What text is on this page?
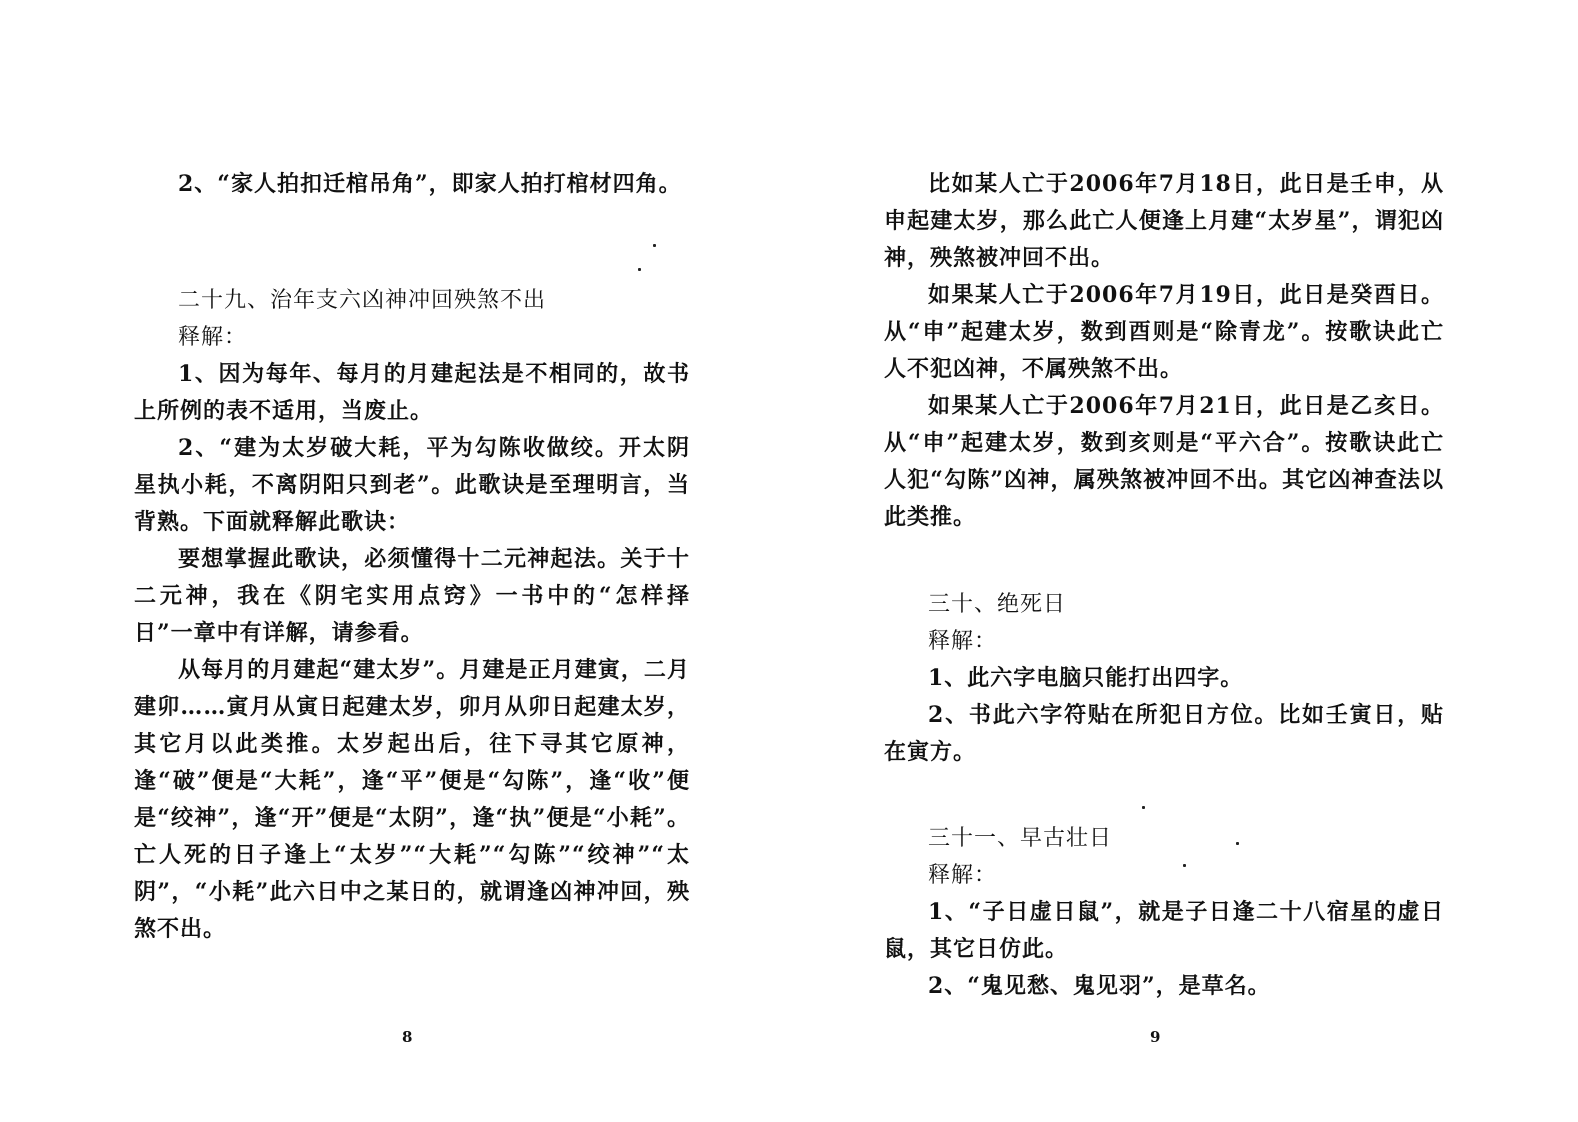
2、“家人拍扣迁棺吊角”，即家人拍打棺材四角。

二十九、治年支六凶神冲回殃煞不出

释解：

1、因为每年、每月的月建起法是不相同的，故书上所例的表不适用，当废止。

2、“建为太岁破大耗，平为勾陈收做绞。开太阴星执小耗，不离阴阳只到老”。此歌诀是至理明言，当背熟。下面就释解此歌诀：

要想掌握此歌诀，必须懂得十二元神起法。关于十二元神，我在《阴宅实用点窍》一书中的“怎样择日”一章中有详解，请参看。

从每月的月建起“建太岁”。月建是正月建寅，二月建卯……寅月从寅日起建太岁，卯月从卯日起建太岁，其它月以此类推。太岁起出后，往下寻其它原神，逢“破”便是“大耗”，逢“平”便是“勾陈”，逢“收”便是“绞神”，逢“开”便是“太阴”，逢“执”便是“小耗”。亡人死的日子逢上“太岁”“大耗”“勾陈”“绞神”“太阴”，“小耗”此六日中之某日的，就谓逢凶神冲回，殃煞不出。

8

比如某人亡于2006年7月18日，此日是壬申，从申起建太岁，那么此亡人便逢上月建“太岁星”，谓犯凶神，殃煞被冲回不出。

如果某人亡于2006年7月19日，此日是癸酉日。从“申”起建太岁，数到酉则是“除青龙”。按歌诀此亡人不犯凶神，不属殃煞不出。

如果某人亡于2006年7月21日，此日是乙亥日。从“申”起建太岁，数到亥则是“平六合”。按歌诀此亡人犯“勾陈”凶神，属殃煞被冲回不出。其它凶神查法以此类推。

三十、绝死日

释解：

1、此六字电脑只能打出四字。

2、书此六字符贴在所犯日方位。比如壬寅日，贴在寅方。

三十一、早古壮日

释解：

1、“子日虚日鼠”，就是子日逢二十八宿星的虚日鼠，其它日仿此。

2、“鬼见愁、鬼见羽”，是草名。

9
